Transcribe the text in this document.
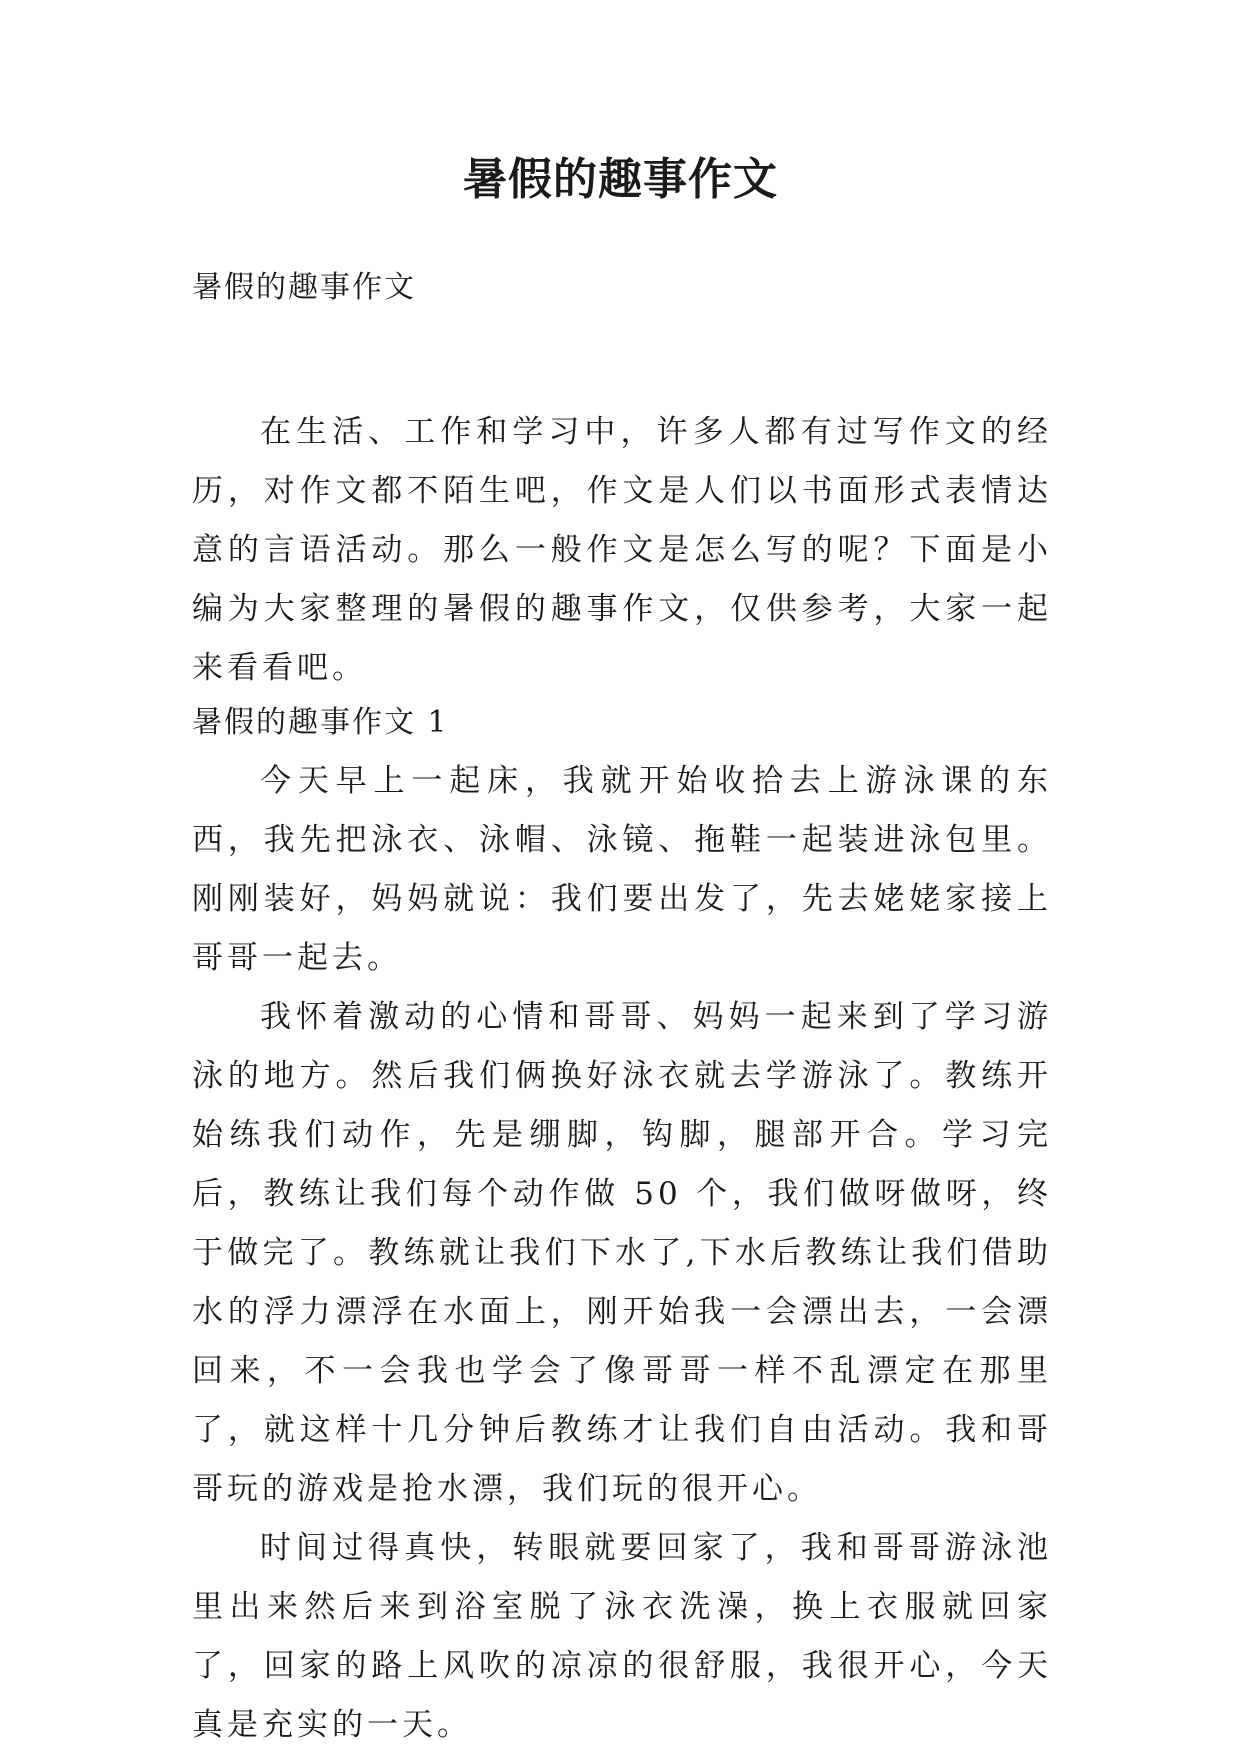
暑假的趣事作文
暑假的趣事作文

在生活、工作和学习中，许多人都有过写作文的经历，对作文都不陌生吧，作文是人们以书面形式表情达意的言语活动。那么一般作文是怎么写的呢？下面是小编为大家整理的暑假的趣事作文，仅供参考，大家一起来看看吧。

暑假的趣事作文 1

今天早上一起床，我就开始收拾去上游泳课的东西，我先把泳衣、泳帽、泳镜、拖鞋一起装进泳包里。刚刚装好，妈妈就说：我们要出发了，先去姥姥家接上哥哥一起去。

我怀着激动的心情和哥哥、妈妈一起来到了学习游泳的地方。然后我们俩换好泳衣就去学游泳了。教练开始练我们动作，先是绷脚，钩脚，腿部开合。学习完后，教练让我们每个动作做 50 个，我们做呀做呀，终于做完了。教练就让我们下水了,下水后教练让我们借助水的浮力漂浮在水面上，刚开始我一会漂出去，一会漂回来，不一会我也学会了像哥哥一样不乱漂定在那里了，就这样十几分钟后教练才让我们自由活动。我和哥哥玩的游戏是抢水漂，我们玩的很开心。

时间过得真快，转眼就要回家了，我和哥哥游泳池里出来然后来到浴室脱了泳衣洗澡，换上衣服就回家了，回家的路上风吹的凉凉的很舒服，我很开心，今天真是充实的一天。
